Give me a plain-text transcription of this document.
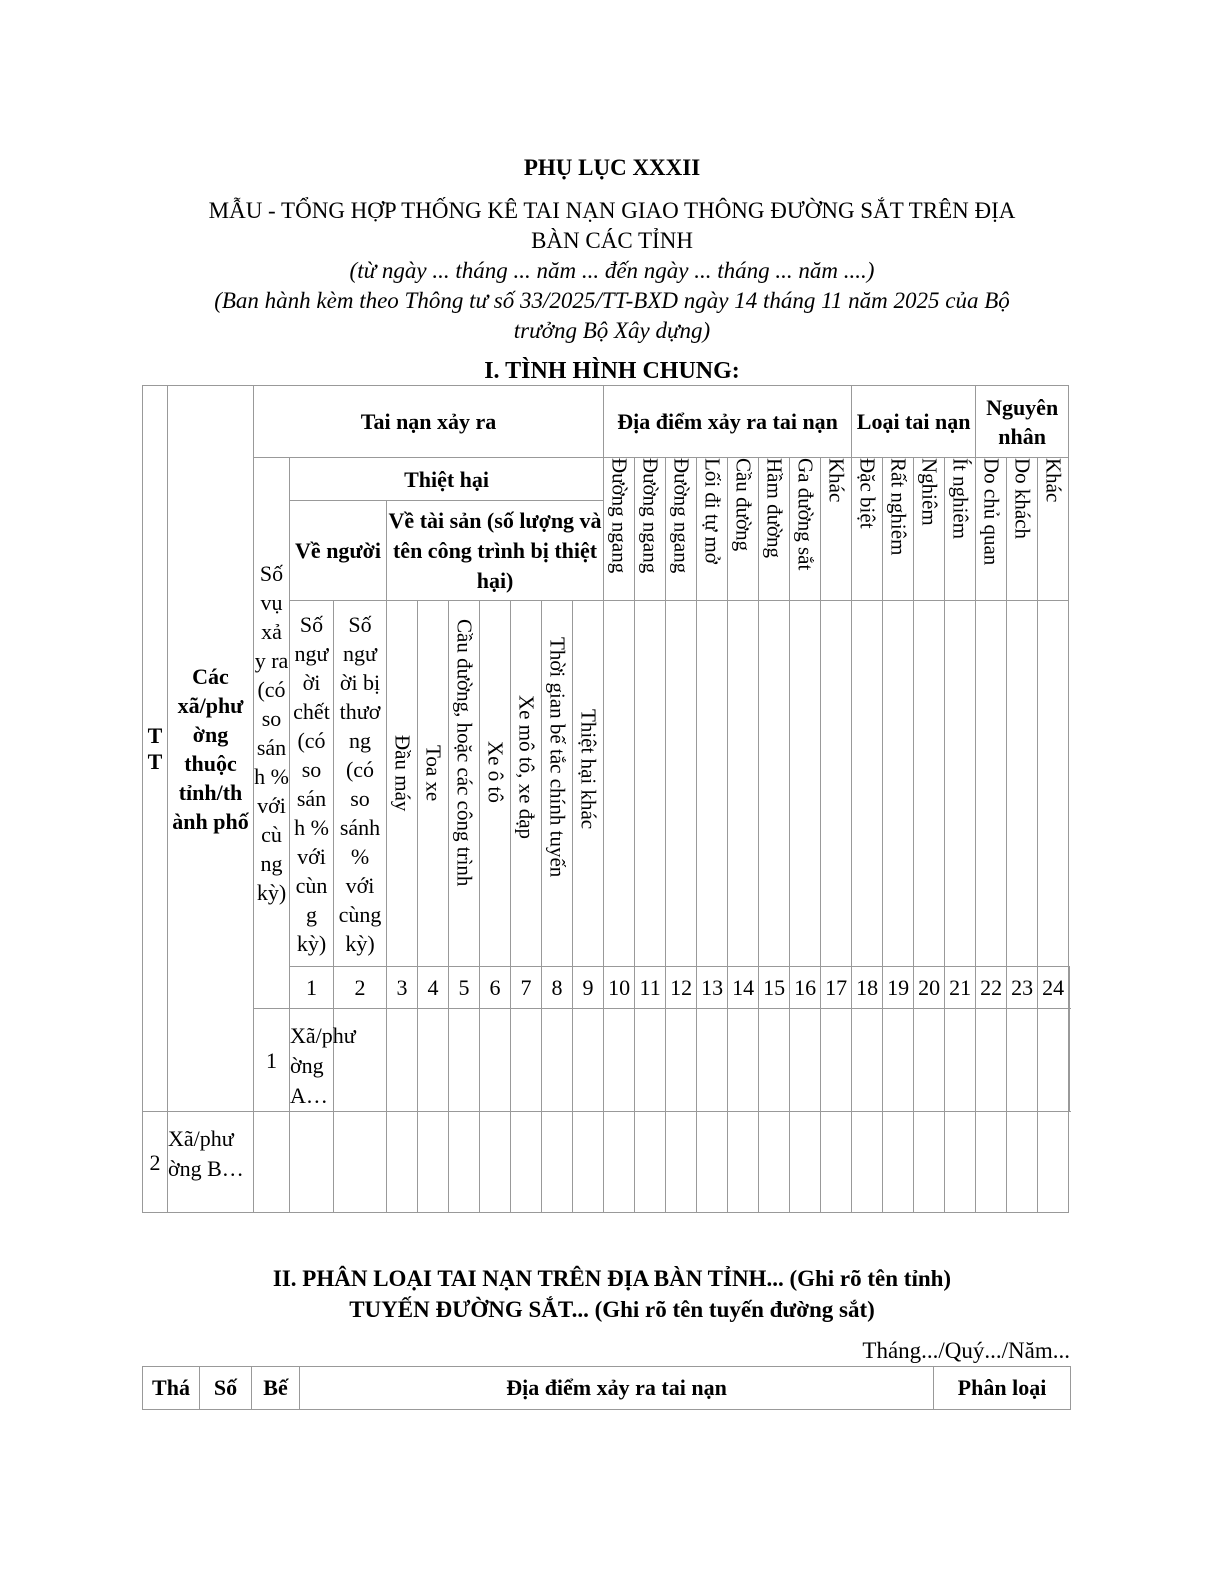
PHỤ LỤC XXXII
MẪU - TỔNG HỢP THỐNG KÊ TAI NẠN GIAO THÔNG ĐƯỜNG SẮT TRÊN ĐỊA
BÀN CÁC TỈNH
(từ ngày ... tháng ... năm ... đến ngày ... tháng ... năm ....)
(Ban hành kèm theo Thông tư số 33/2025/TT-BXD ngày 14 tháng 11 năm 2025 của Bộ
trưởng Bộ Xây dựng)
I. TÌNH HÌNH CHUNG:
T
T	Các xã/phư ờng thuộc tỉnh/th ành phố	Tai nạn xảy ra										Địa điểm xảy ra tai nạn								Loại tai nạn				Nguyên nhân			
		Số vụ xả y ra (có so sán h % với cù ng kỳ)	Thiệt hại									Đường ngang	Đường ngang	Đường ngang	Lối đi tự mở	Cầu đường	Hầm đường	Ga đường sắt	Khác	Đặc biệt	Rất nghiêm	Nghiêm	Ít nghiêm	Do chủ quan	Do khách	Khác	

			Về người		Về tài sản (số lượng và tên công trình bị thiệt hại)																						
			Số ngư ời chết (có so sán h % với cùn g kỳ)	Số ngư ời bị thươ ng (có so sánh % với cùng kỳ)	Đầu máy	Toa xe	Cầu đường, hoặc các công trình	Xe ô tô	Xe mô tô, xe đạp	Thời gian bế tắc chính tuyến	Thiệt hại khác																

			1	2	3	4	5	6	7	8	9	10	11	12	13	14	15	16	17	18	19	20	21	22	23	24	
		1	Xã/phư ờng A…																									
2	Xã/phư ờng B…																										
II. PHÂN LOẠI TAI NẠN TRÊN ĐỊA BÀN TỈNH... (Ghi rõ tên tỉnh)
TUYẾN ĐƯỜNG SẮT... (Ghi rõ tên tuyến đường sắt)
Tháng.../Quý.../Năm...
Thá	Số	Bế	Địa điểm xảy ra tai nạn	Phân loại
